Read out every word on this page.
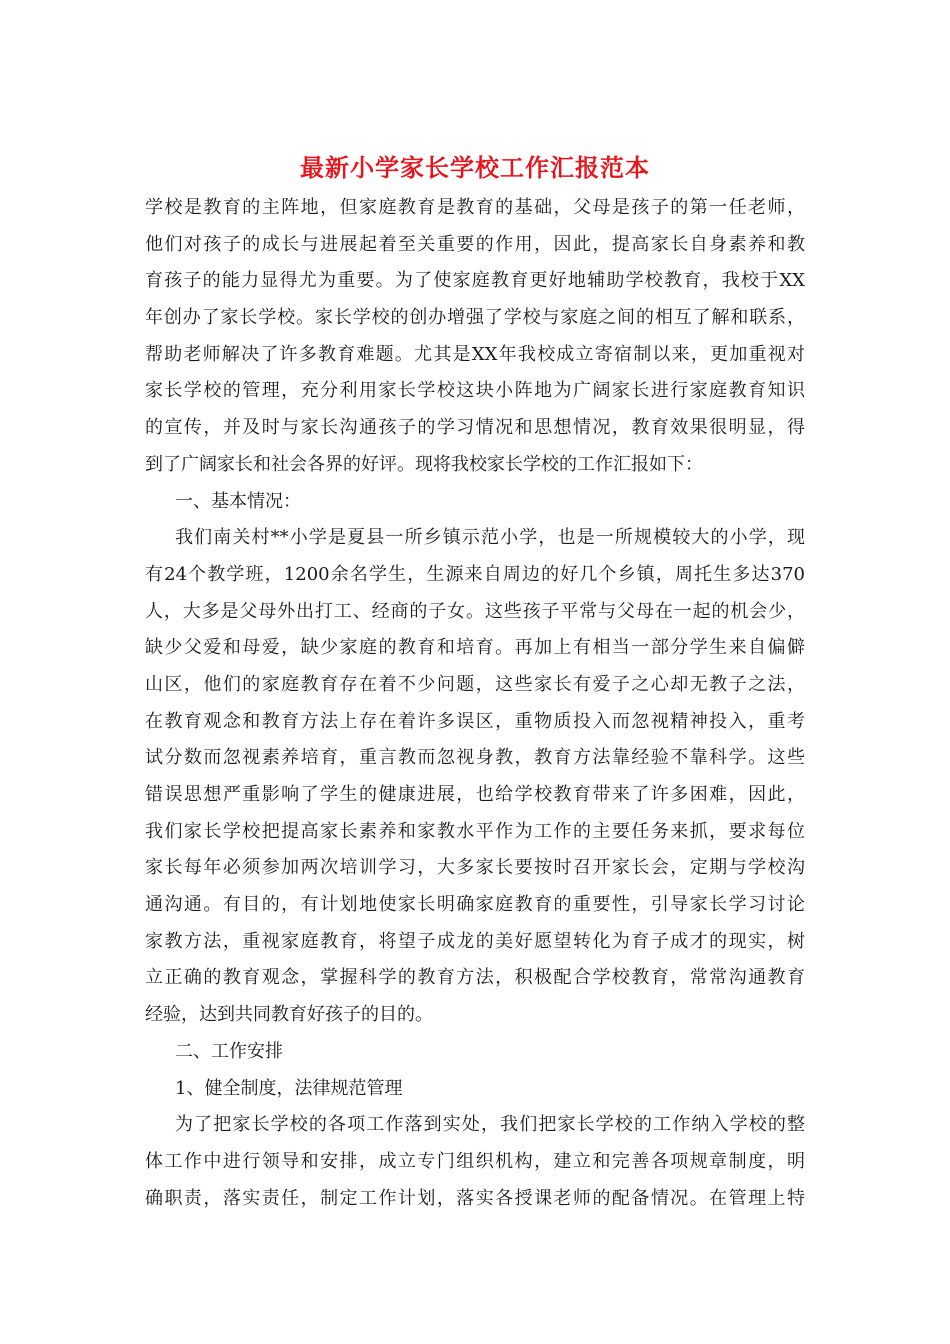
最新小学家长学校工作汇报范本
学校是教育的主阵地，但家庭教育是教育的基础，父母是孩子的第一任老师，
他们对孩子的成长与进展起着至关重要的作用，因此，提高家长自身素养和教
育孩子的能力显得尤为重要。为了使家庭教育更好地辅助学校教育，我校于XX
年创办了家长学校。家长学校的创办增强了学校与家庭之间的相互了解和联系，
帮助老师解决了许多教育难题。尤其是XX年我校成立寄宿制以来，更加重视对
家长学校的管理，充分利用家长学校这块小阵地为广阔家长进行家庭教育知识
的宣传，并及时与家长沟通孩子的学习情况和思想情况，教育效果很明显，得
到了广阔家长和社会各界的好评。现将我校家长学校的工作汇报如下：
一、基本情况：
我们南关村**小学是夏县一所乡镇示范小学，也是一所规模较大的小学，现
有24个教学班，1200余名学生，生源来自周边的好几个乡镇，周托生多达370
人，大多是父母外出打工、经商的子女。这些孩子平常与父母在一起的机会少，
缺少父爱和母爱，缺少家庭的教育和培育。再加上有相当一部分学生来自偏僻
山区，他们的家庭教育存在着不少问题，这些家长有爱子之心却无教子之法，
在教育观念和教育方法上存在着许多误区，重物质投入而忽视精神投入，重考
试分数而忽视素养培育，重言教而忽视身教，教育方法靠经验不靠科学。这些
错误思想严重影响了学生的健康进展，也给学校教育带来了许多困难，因此，
我们家长学校把提高家长素养和家教水平作为工作的主要任务来抓，要求每位
家长每年必须参加两次培训学习，大多家长要按时召开家长会，定期与学校沟
通沟通。有目的，有计划地使家长明确家庭教育的重要性，引导家长学习讨论
家教方法，重视家庭教育，将望子成龙的美好愿望转化为育子成才的现实，树
立正确的教育观念，掌握科学的教育方法，积极配合学校教育，常常沟通教育
经验，达到共同教育好孩子的目的。
二、工作安排
1、健全制度，法律规范管理
为了把家长学校的各项工作落到实处，我们把家长学校的工作纳入学校的整
体工作中进行领导和安排，成立专门组织机构，建立和完善各项规章制度，明
确职责，落实责任，制定工作计划，落实各授课老师的配备情况。在管理上特
